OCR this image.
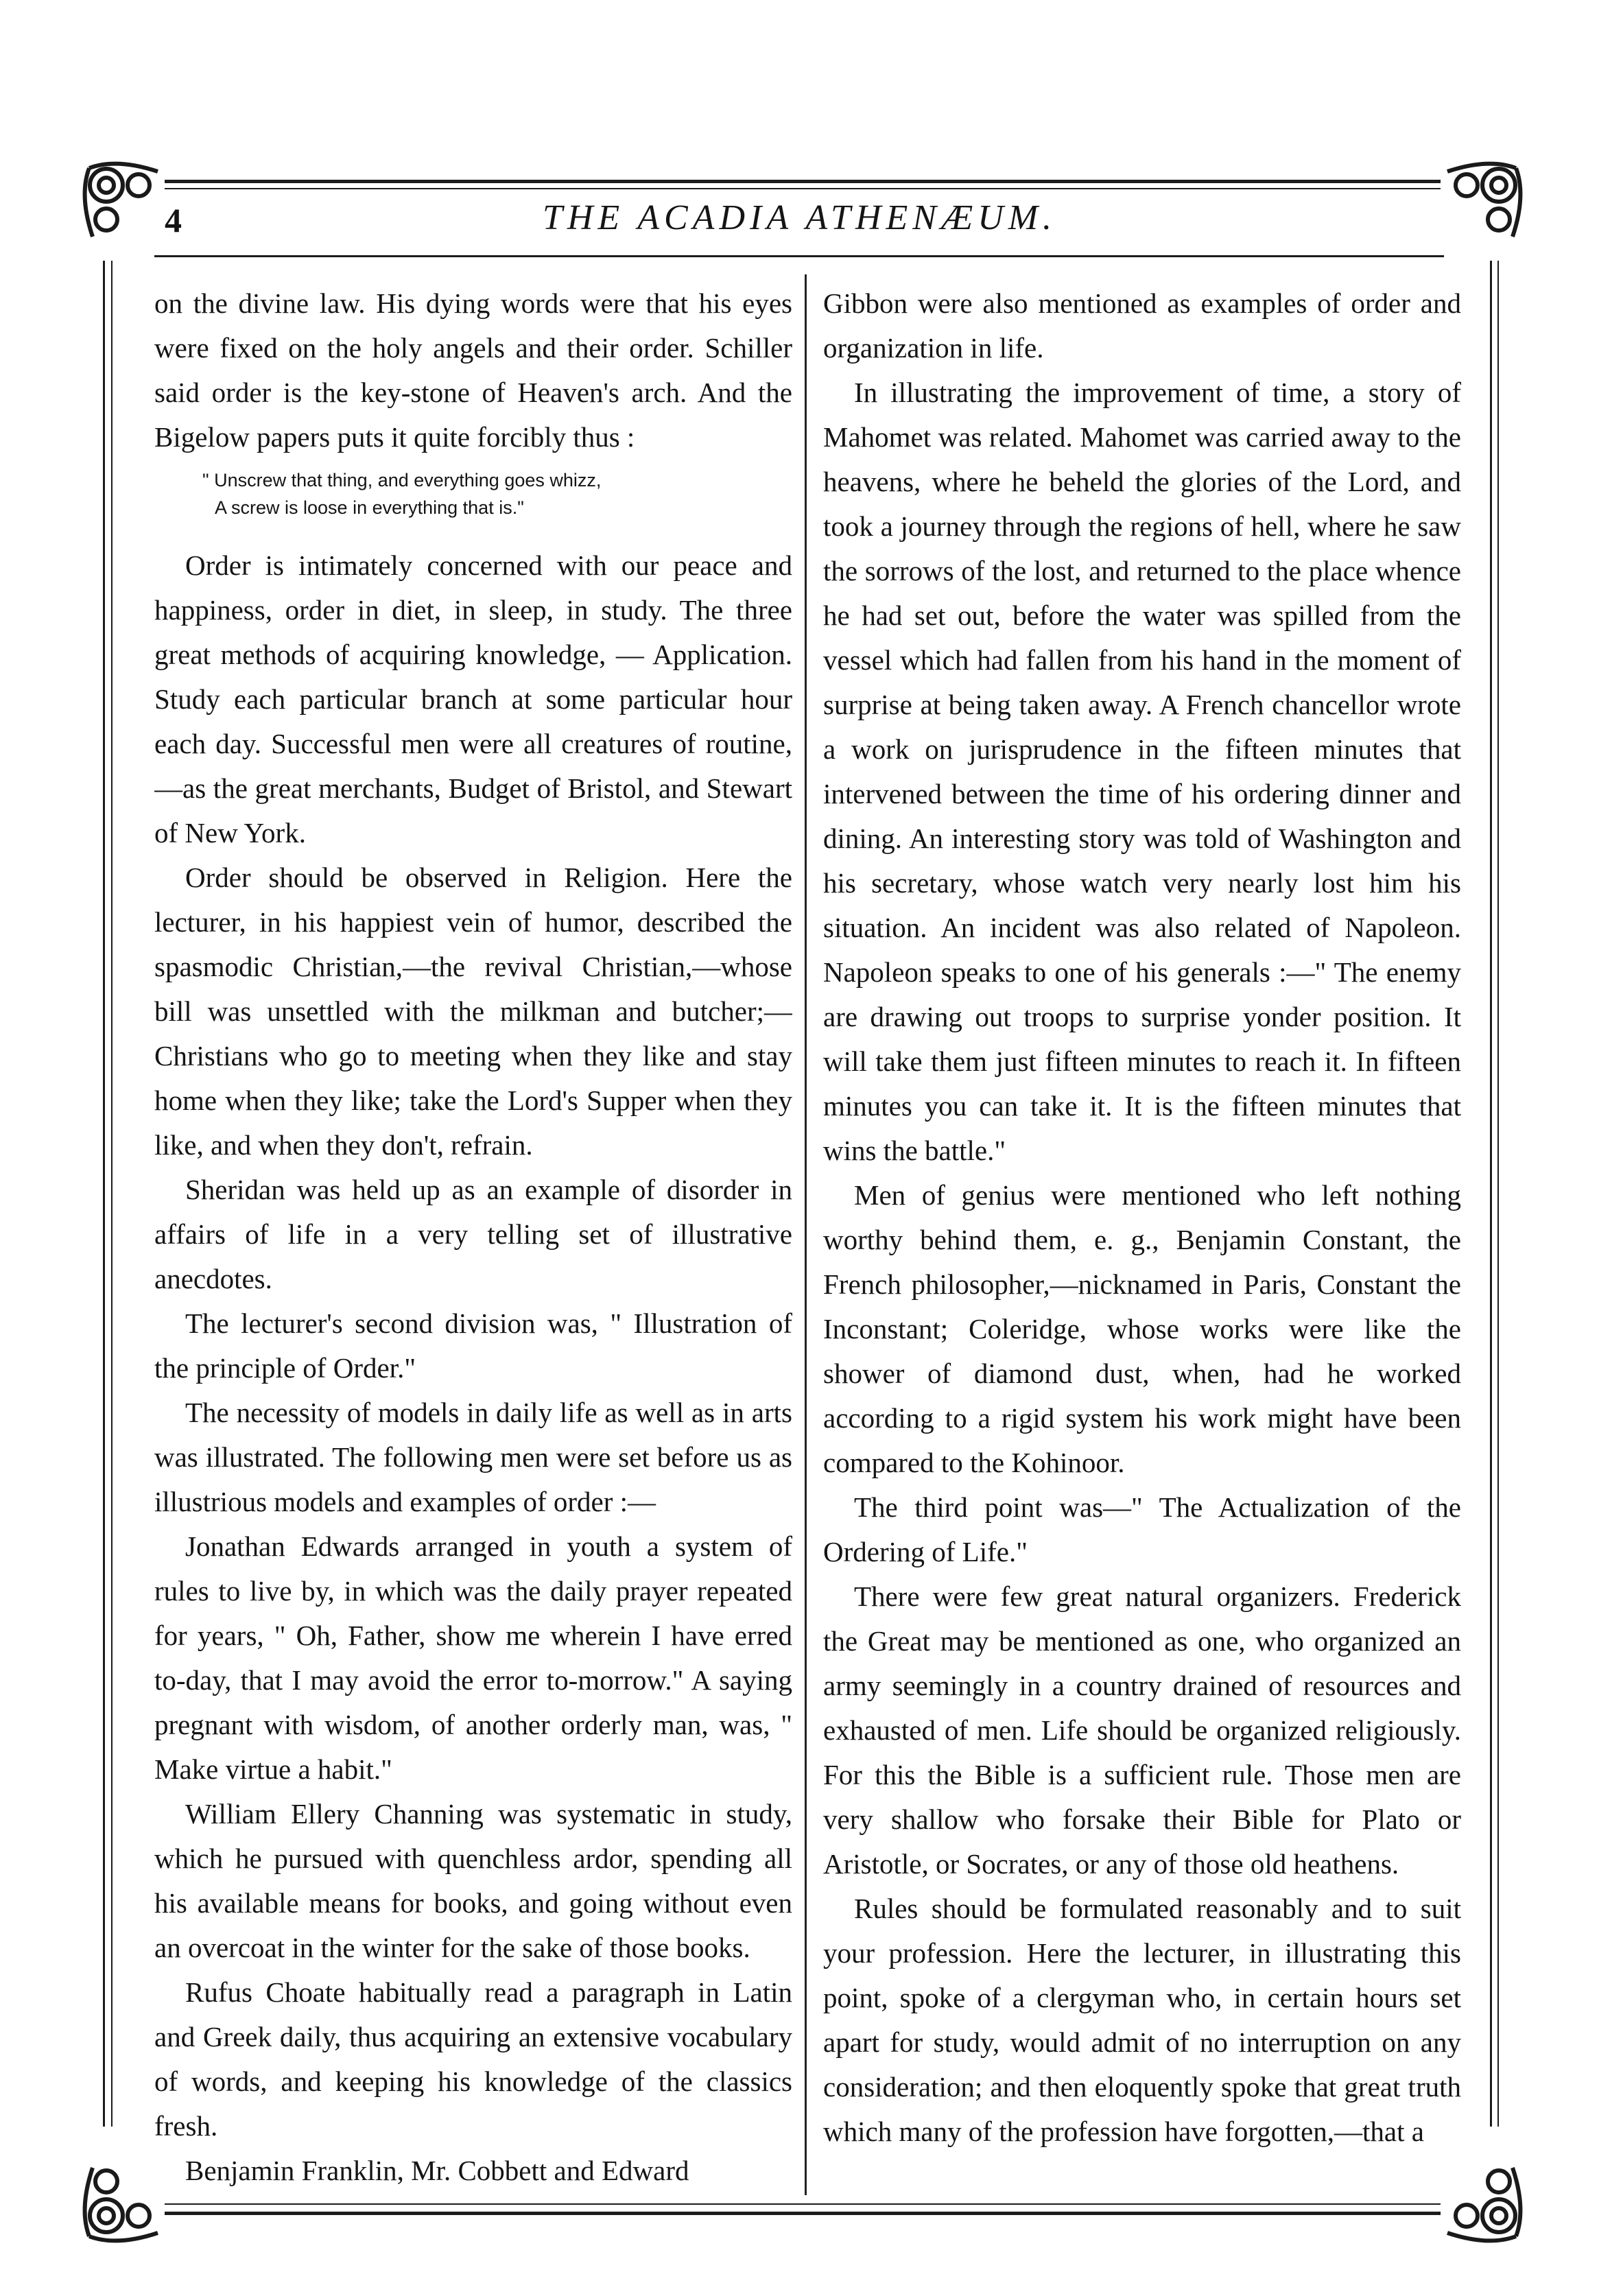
4	THE ACADIA ATHENÆUM.

on the divine law. His dying words were that his eyes were fixed on the holy angels and their order. Schiller said order is the key-stone of Heaven's arch. And the Bigelow papers puts it quite forcibly thus :

" Unscrew that thing, and everything goes whizz,
A screw is loose in everything that is."

Order is intimately concerned with our peace and happiness, order in diet, in sleep, in study. The three great methods of acquiring knowledge, — Application. Study each particular branch at some particular hour each day. Successful men were all creatures of routine,—as the great merchants, Budget of Bristol, and Stewart of New York.

Order should be observed in Religion. Here the lecturer, in his happiest vein of humor, described the spasmodic Christian,—the revival Christian,—whose bill was unsettled with the milkman and butcher;—Christians who go to meeting when they like and stay home when they like; take the Lord's Supper when they like, and when they don't, refrain.

Sheridan was held up as an example of disorder in affairs of life in a very telling set of illustrative anecdotes.

The lecturer's second division was, " Illustration of the principle of Order."

The necessity of models in daily life as well as in arts was illustrated. The following men were set before us as illustrious models and examples of order :—

Jonathan Edwards arranged in youth a system of rules to live by, in which was the daily prayer repeated for years, " Oh, Father, show me wherein I have erred to-day, that I may avoid the error to-morrow." A saying pregnant with wisdom, of another orderly man, was, " Make virtue a habit."

William Ellery Channing was systematic in study, which he pursued with quenchless ardor, spending all his available means for books, and going without even an overcoat in the winter for the sake of those books.

Rufus Choate habitually read a paragraph in Latin and Greek daily, thus acquiring an extensive vocabulary of words, and keeping his knowledge of the classics fresh.

Benjamin Franklin, Mr. Cobbett and Edward

Gibbon were also mentioned as examples of order and organization in life.

In illustrating the improvement of time, a story of Mahomet was related. Mahomet was carried away to the heavens, where he beheld the glories of the Lord, and took a journey through the regions of hell, where he saw the sorrows of the lost, and returned to the place whence he had set out, before the water was spilled from the vessel which had fallen from his hand in the moment of surprise at being taken away. A French chancellor wrote a work on jurisprudence in the fifteen minutes that intervened between the time of his ordering dinner and dining. An interesting story was told of Washington and his secretary, whose watch very nearly lost him his situation. An incident was also related of Napoleon. Napoleon speaks to one of his generals :—" The enemy are drawing out troops to surprise yonder position. It will take them just fifteen minutes to reach it. In fifteen minutes you can take it. It is the fifteen minutes that wins the battle."

Men of genius were mentioned who left nothing worthy behind them, e. g., Benjamin Constant, the French philosopher,—nicknamed in Paris, Constant the Inconstant; Coleridge, whose works were like the shower of diamond dust, when, had he worked according to a rigid system his work might have been compared to the Kohinoor.

The third point was—" The Actualization of the Ordering of Life."

There were few great natural organizers. Frederick the Great may be mentioned as one, who organized an army seemingly in a country drained of resources and exhausted of men. Life should be organized religiously. For this the Bible is a sufficient rule. Those men are very shallow who forsake their Bible for Plato or Aristotle, or Socrates, or any of those old heathens.

Rules should be formulated reasonably and to suit your profession. Here the lecturer, in illustrating this point, spoke of a clergyman who, in certain hours set apart for study, would admit of no interruption on any consideration; and then eloquently spoke that great truth which many of the profession have forgotten,—that a
